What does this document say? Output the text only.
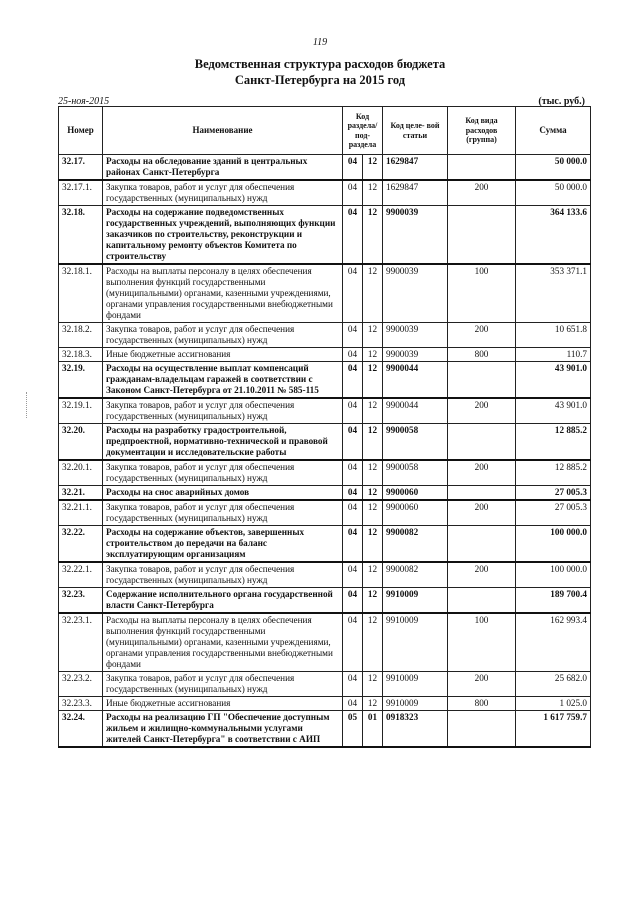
119
Ведомственная структура расходов бюджета
Санкт-Петербурга на 2015 год
25-ноя-2015	(тыс. руб.)
Номер	Наименование	Код раздела/ под- раздела		Код целе- вой статьи	Код вида расходов (группа)	Сумма
32.17.	Расходы на обследование зданий в центральных районах Санкт-Петербурга	04	12	1629847		50 000.0
32.17.1.	Закупка товаров, работ и услуг для обеспечения государственных (муниципальных) нужд	04	12	1629847	200	50 000.0
32.18.	Расходы на содержание подведомственных государственных учреждений, выполняющих функции заказчиков по строительству, реконструкции и капитальному ремонту объектов Комитета по строительству	04	12	9900039		364 133.6
32.18.1.	Расходы на выплаты персоналу в целях обеспечения выполнения функций государственными (муниципальными) органами, казенными учреждениями, органами управления государственными внебюджетными фондами	04	12	9900039	100	353 371.1
32.18.2.	Закупка товаров, работ и услуг для обеспечения государственных (муниципальных) нужд	04	12	9900039	200	10 651.8
32.18.3.	Иные бюджетные ассигнования	04	12	9900039	800	110.7
32.19.	Расходы на осуществление выплат компенсаций гражданам-владельцам гаражей в соответствии с Законом Санкт-Петербурга от 21.10.2011 № 585-115	04	12	9900044		43 901.0
32.19.1.	Закупка товаров, работ и услуг для обеспечения государственных (муниципальных) нужд	04	12	9900044	200	43 901.0
32.20.	Расходы на разработку градостроительной, предпроектной, нормативно-технической и правовой документации и исследовательские работы	04	12	9900058		12 885.2
32.20.1.	Закупка товаров, работ и услуг для обеспечения государственных (муниципальных) нужд	04	12	9900058	200	12 885.2
32.21.	Расходы на снос аварийных домов	04	12	9900060		27 005.3
32.21.1.	Закупка товаров, работ и услуг для обеспечения государственных (муниципальных) нужд	04	12	9900060	200	27 005.3
32.22.	Расходы на содержание объектов, завершенных строительством до передачи на баланс эксплуатирующим организациям	04	12	9900082		100 000.0
32.22.1.	Закупка товаров, работ и услуг для обеспечения государственных (муниципальных) нужд	04	12	9900082	200	100 000.0
32.23.	Содержание исполнительного органа государственной власти Санкт-Петербурга	04	12	9910009		189 700.4
32.23.1.	Расходы на выплаты персоналу в целях обеспечения выполнения функций государственными (муниципальными) органами, казенными учреждениями, органами управления государственными внебюджетными фондами	04	12	9910009	100	162 993.4
32.23.2.	Закупка товаров, работ и услуг для обеспечения государственных (муниципальных) нужд	04	12	9910009	200	25 682.0
32.23.3.	Иные бюджетные ассигнования	04	12	9910009	800	1 025.0
32.24.	Расходы на реализацию ГП "Обеспечение доступным жильем и жилищно-коммунальными услугами жителей Санкт-Петербурга" в соответствии с АИП	05	01	0918323		1 617 759.7
